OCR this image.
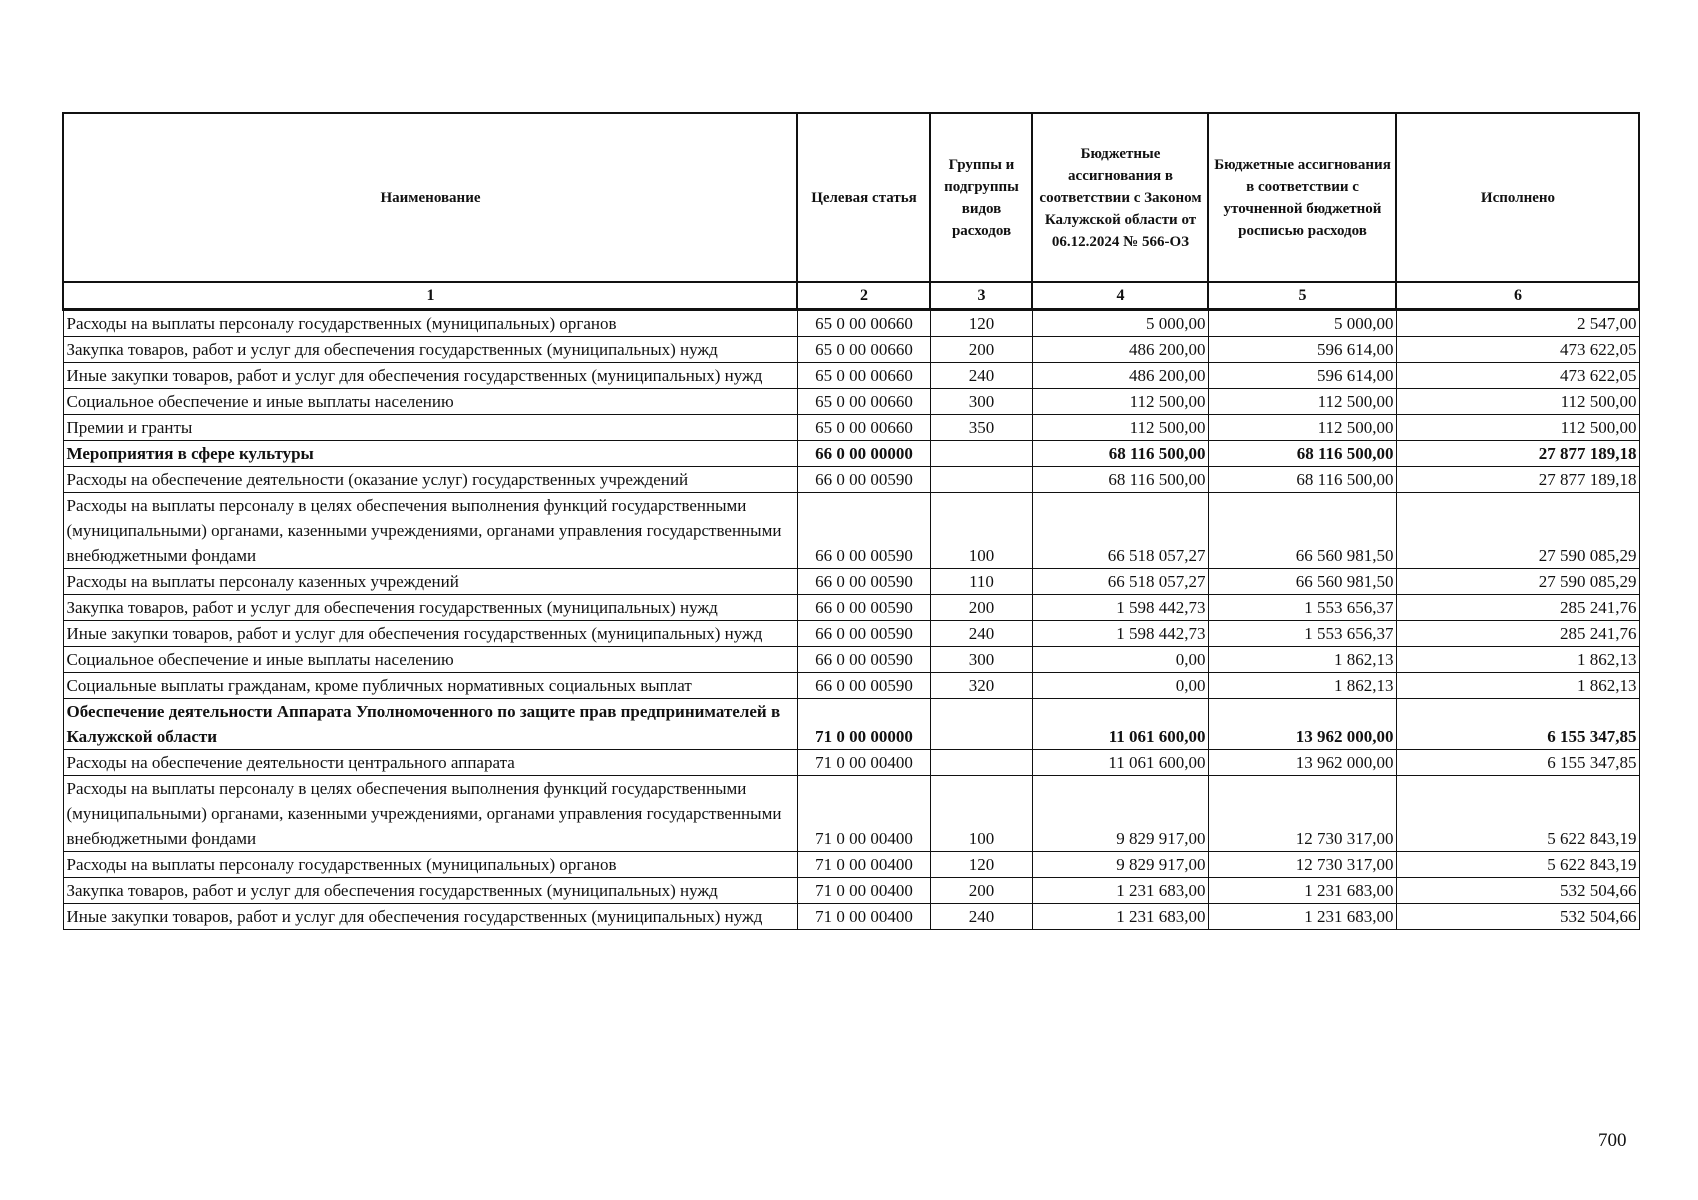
Наименование	Целевая статья	Группы и подгруппы видов расходов	Бюджетные ассигнования в соответствии с Законом Калужской области от 06.12.2024 № 566-ОЗ	Бюджетные ассигнования в соответствии с уточненной бюджетной росписью расходов	Исполнено
1	2	3	4	5	6
Расходы на выплаты персоналу государственных (муниципальных) органов	65 0 00 00660	120	5 000,00	5 000,00	2 547,00
Закупка товаров, работ и услуг для обеспечения государственных (муниципальных) нужд	65 0 00 00660	200	486 200,00	596 614,00	473 622,05
Иные закупки товаров, работ и услуг для обеспечения государственных (муниципальных) нужд	65 0 00 00660	240	486 200,00	596 614,00	473 622,05
Социальное обеспечение и иные выплаты населению	65 0 00 00660	300	112 500,00	112 500,00	112 500,00
Премии и гранты	65 0 00 00660	350	112 500,00	112 500,00	112 500,00
Мероприятия в сфере культуры	66 0 00 00000		68 116 500,00	68 116 500,00	27 877 189,18
Расходы на обеспечение деятельности (оказание услуг) государственных учреждений	66 0 00 00590		68 116 500,00	68 116 500,00	27 877 189,18
Расходы на выплаты персоналу в целях обеспечения выполнения функций государственными (муниципальными) органами, казенными учреждениями, органами управления государственными внебюджетными фондами	66 0 00 00590	100	66 518 057,27	66 560 981,50	27 590 085,29
Расходы на выплаты персоналу казенных учреждений	66 0 00 00590	110	66 518 057,27	66 560 981,50	27 590 085,29
Закупка товаров, работ и услуг для обеспечения государственных (муниципальных) нужд	66 0 00 00590	200	1 598 442,73	1 553 656,37	285 241,76
Иные закупки товаров, работ и услуг для обеспечения государственных (муниципальных) нужд	66 0 00 00590	240	1 598 442,73	1 553 656,37	285 241,76
Социальное обеспечение и иные выплаты населению	66 0 00 00590	300	0,00	1 862,13	1 862,13
Социальные выплаты гражданам, кроме публичных нормативных социальных выплат	66 0 00 00590	320	0,00	1 862,13	1 862,13
Обеспечение деятельности Аппарата Уполномоченного по защите прав предпринимателей в Калужской области	71 0 00 00000		11 061 600,00	13 962 000,00	6 155 347,85
Расходы на обеспечение деятельности центрального аппарата	71 0 00 00400		11 061 600,00	13 962 000,00	6 155 347,85
Расходы на выплаты персоналу в целях обеспечения выполнения функций государственными (муниципальными) органами, казенными учреждениями, органами управления государственными внебюджетными фондами	71 0 00 00400	100	9 829 917,00	12 730 317,00	5 622 843,19
Расходы на выплаты персоналу государственных (муниципальных) органов	71 0 00 00400	120	9 829 917,00	12 730 317,00	5 622 843,19
Закупка товаров, работ и услуг для обеспечения государственных (муниципальных) нужд	71 0 00 00400	200	1 231 683,00	1 231 683,00	532 504,66
Иные закупки товаров, работ и услуг для обеспечения государственных (муниципальных) нужд	71 0 00 00400	240	1 231 683,00	1 231 683,00	532 504,66
700
